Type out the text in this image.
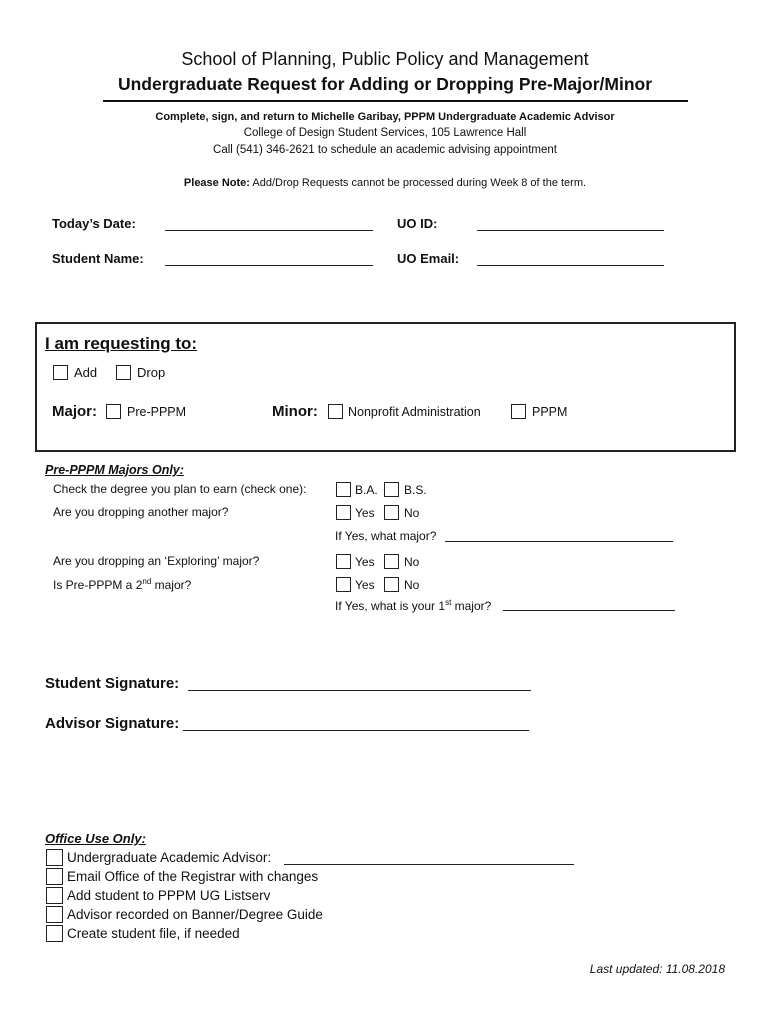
School of Planning, Public Policy and Management
Undergraduate Request for Adding or Dropping Pre-Major/Minor
Complete, sign, and return to Michelle Garibay, PPPM Undergraduate Academic Advisor
College of Design Student Services, 105 Lawrence Hall
Call (541) 346-2621 to schedule an academic advising appointment
Please Note: Add/Drop Requests cannot be processed during Week 8 of the term.
Today’s Date:	UO ID:
Student Name:	UO Email:
I am requesting to:
Add	Drop
Major: Pre-PPPM	Minor: Nonprofit Administration	PPPM
Pre-PPPM Majors Only:
Check the degree you plan to earn (check one):	B.A. B.S.
Are you dropping another major?	Yes No
If Yes, what major?
Are you dropping an ‘Exploring’ major?	Yes No
Is Pre-PPPM a 2nd major?	Yes No
If Yes, what is your 1st major?
Student Signature:
Advisor Signature:
Office Use Only:
Undergraduate Academic Advisor:
Email Office of the Registrar with changes
Add student to PPPM UG Listserv
Advisor recorded on Banner/Degree Guide
Create student file, if needed
Last updated: 11.08.2018
